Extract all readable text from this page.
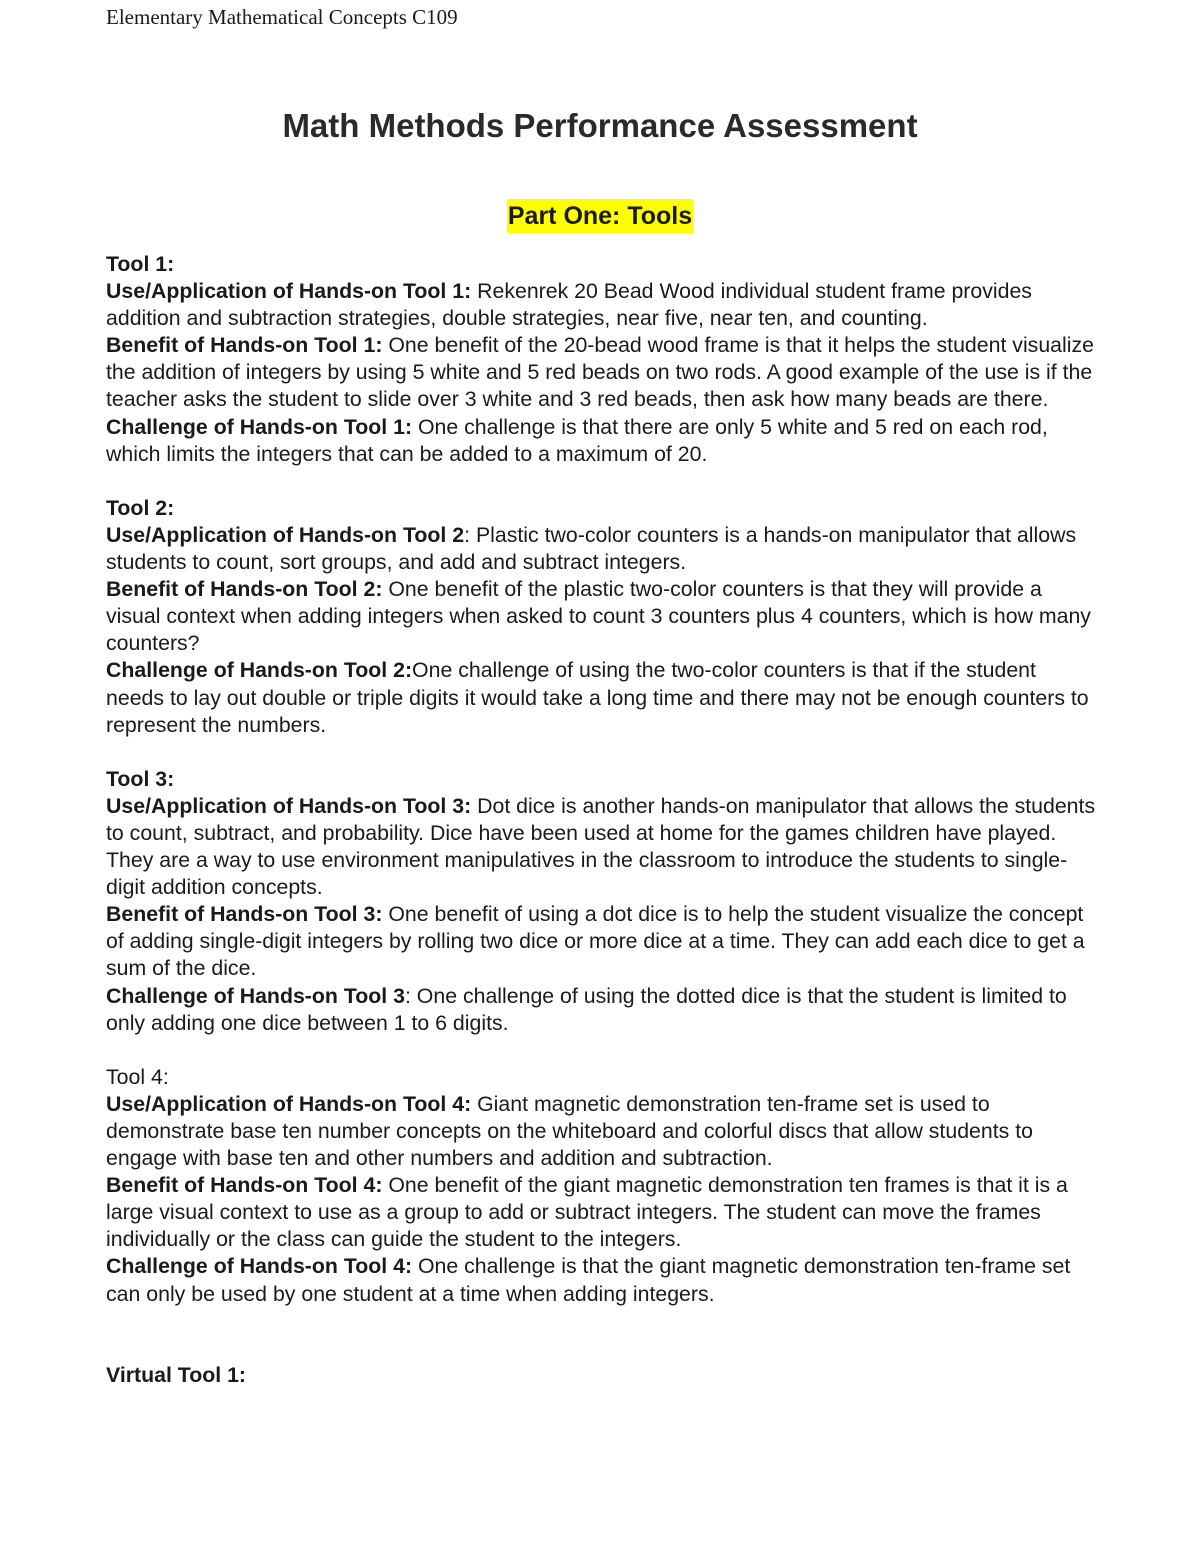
Elementary Mathematical Concepts C109
Math Methods Performance Assessment
Part One: Tools

Tool 1:

Use/Application of Hands-on Tool 1: Rekenrek 20 Bead Wood individual student frame provides addition and subtraction strategies, double strategies, near five, near ten, and counting.

Benefit of Hands-on Tool 1: One benefit of the 20-bead wood frame is that it helps the student visualize the addition of integers by using 5 white and 5 red beads on two rods. A good example of the use is if the teacher asks the student to slide over 3 white and 3 red beads, then ask how many beads are there.

Challenge of Hands-on Tool 1: One challenge is that there are only 5 white and 5 red on each rod, which limits the integers that can be added to a maximum of 20.

Tool 2:

Use/Application of Hands-on Tool 2: Plastic two-color counters is a hands-on manipulator that allows students to count, sort groups, and add and subtract integers.

Benefit of Hands-on Tool 2: One benefit of the plastic two-color counters is that they will provide a visual context when adding integers when asked to count 3 counters plus 4 counters, which is how many counters?

Challenge of Hands-on Tool 2:One challenge of using the two-color counters is that if the student needs to lay out double or triple digits it would take a long time and there may not be enough counters to represent the numbers.

Tool 3:

Use/Application of Hands-on Tool 3: Dot dice is another hands-on manipulator that allows the students to count, subtract, and probability. Dice have been used at home for the games children have played. They are a way to use environment manipulatives in the classroom to introduce the students to single-digit addition concepts.

Benefit of Hands-on Tool 3: One benefit of using a dot dice is to help the student visualize the concept of adding single-digit integers by rolling two dice or more dice at a time. They can add each dice to get a sum of the dice.

Challenge of Hands-on Tool 3: One challenge of using the dotted dice is that the student is limited to only adding one dice between 1 to 6 digits.

Tool 4:

Use/Application of Hands-on Tool 4: Giant magnetic demonstration ten-frame set is used to demonstrate base ten number concepts on the whiteboard and colorful discs that allow students to engage with base ten and other numbers and addition and subtraction.

Benefit of Hands-on Tool 4: One benefit of the giant magnetic demonstration ten frames is that it is a large visual context to use as a group to add or subtract integers. The student can move the frames individually or the class can guide the student to the integers.

Challenge of Hands-on Tool 4: One challenge is that the giant magnetic demonstration ten-frame set can only be used by one student at a time when adding integers.

Virtual Tool 1:
